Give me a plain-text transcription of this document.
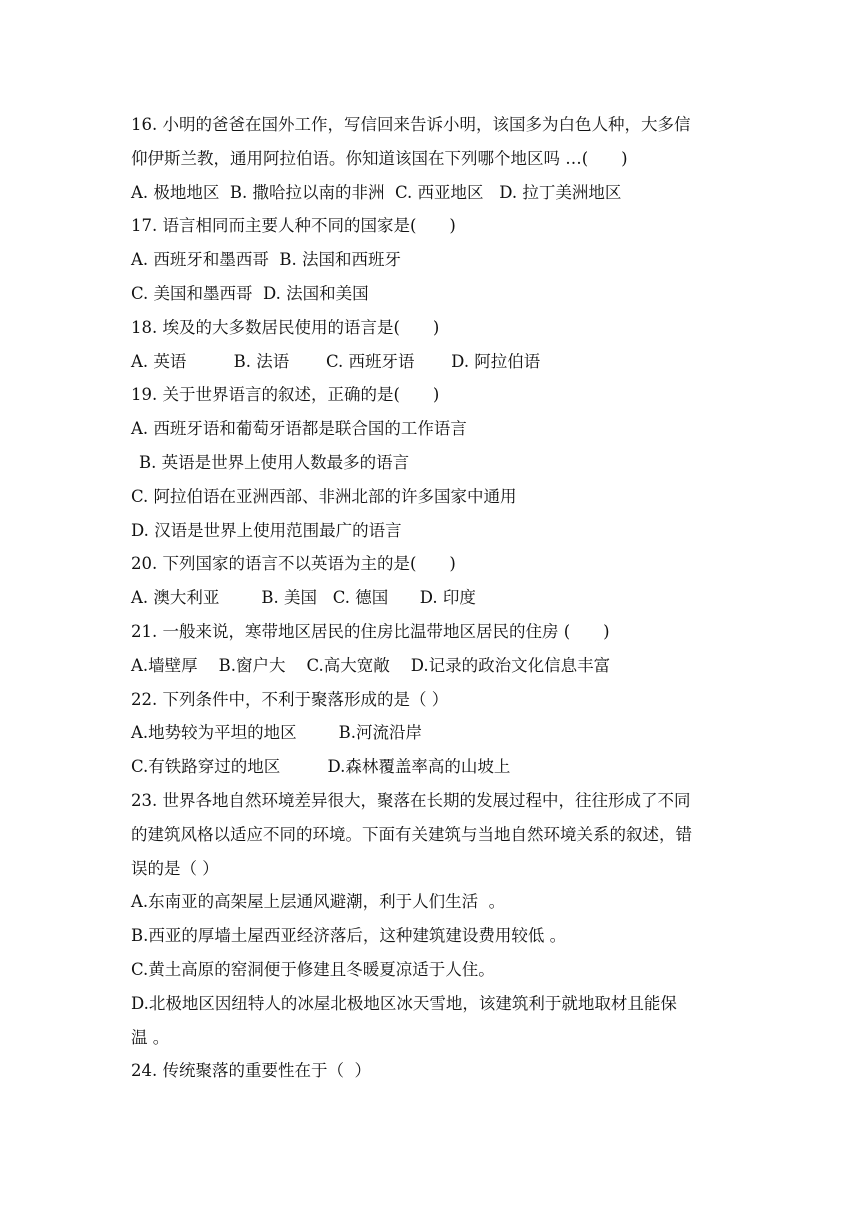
16. 小明的爸爸在国外工作，写信回来告诉小明，该国多为白色人种，大多信
仰伊斯兰教，通用阿拉伯语。你知道该国在下列哪个地区吗 …(　　)
A. 极地地区  B. 撒哈拉以南的非洲  C. 西亚地区   D. 拉丁美洲地区
17. 语言相同而主要人种不同的国家是(　　)
A. 西班牙和墨西哥  B. 法国和西班牙
C. 美国和墨西哥  D. 法国和美国
18. 埃及的大多数居民使用的语言是(　　)
A. 英语         B. 法语       C. 西班牙语       D. 阿拉伯语
19. 关于世界语言的叙述，正确的是(　　)
A. 西班牙语和葡萄牙语都是联合国的工作语言
B. 英语是世界上使用人数最多的语言
C. 阿拉伯语在亚洲西部、非洲北部的许多国家中通用
D. 汉语是世界上使用范围最广的语言
20. 下列国家的语言不以英语为主的是(　　)
A. 澳大利亚        B. 美国   C. 德国      D. 印度
21. 一般来说，寒带地区居民的住房比温带地区居民的住房 (　　)
A.墙壁厚    B.窗户大    C.高大宽敞    D.记录的政治文化信息丰富
22. 下列条件中，不利于聚落形成的是（ ）
A.地势较为平坦的地区        B.河流沿岸
C.有铁路穿过的地区         D.森林覆盖率高的山坡上
23. 世界各地自然环境差异很大，聚落在长期的发展过程中，往往形成了不同
的建筑风格以适应不同的环境。下面有关建筑与当地自然环境关系的叙述，错
误的是（ ）
A.东南亚的高架屋上层通风避潮，利于人们生活  。
B.西亚的厚墙土屋西亚经济落后，这种建筑建设费用较低 。
C.黄土高原的窑洞便于修建且冬暖夏凉适于人住。
D.北极地区因纽特人的冰屋北极地区冰天雪地，该建筑利于就地取材且能保
温 。
24. 传统聚落的重要性在于（  ）
